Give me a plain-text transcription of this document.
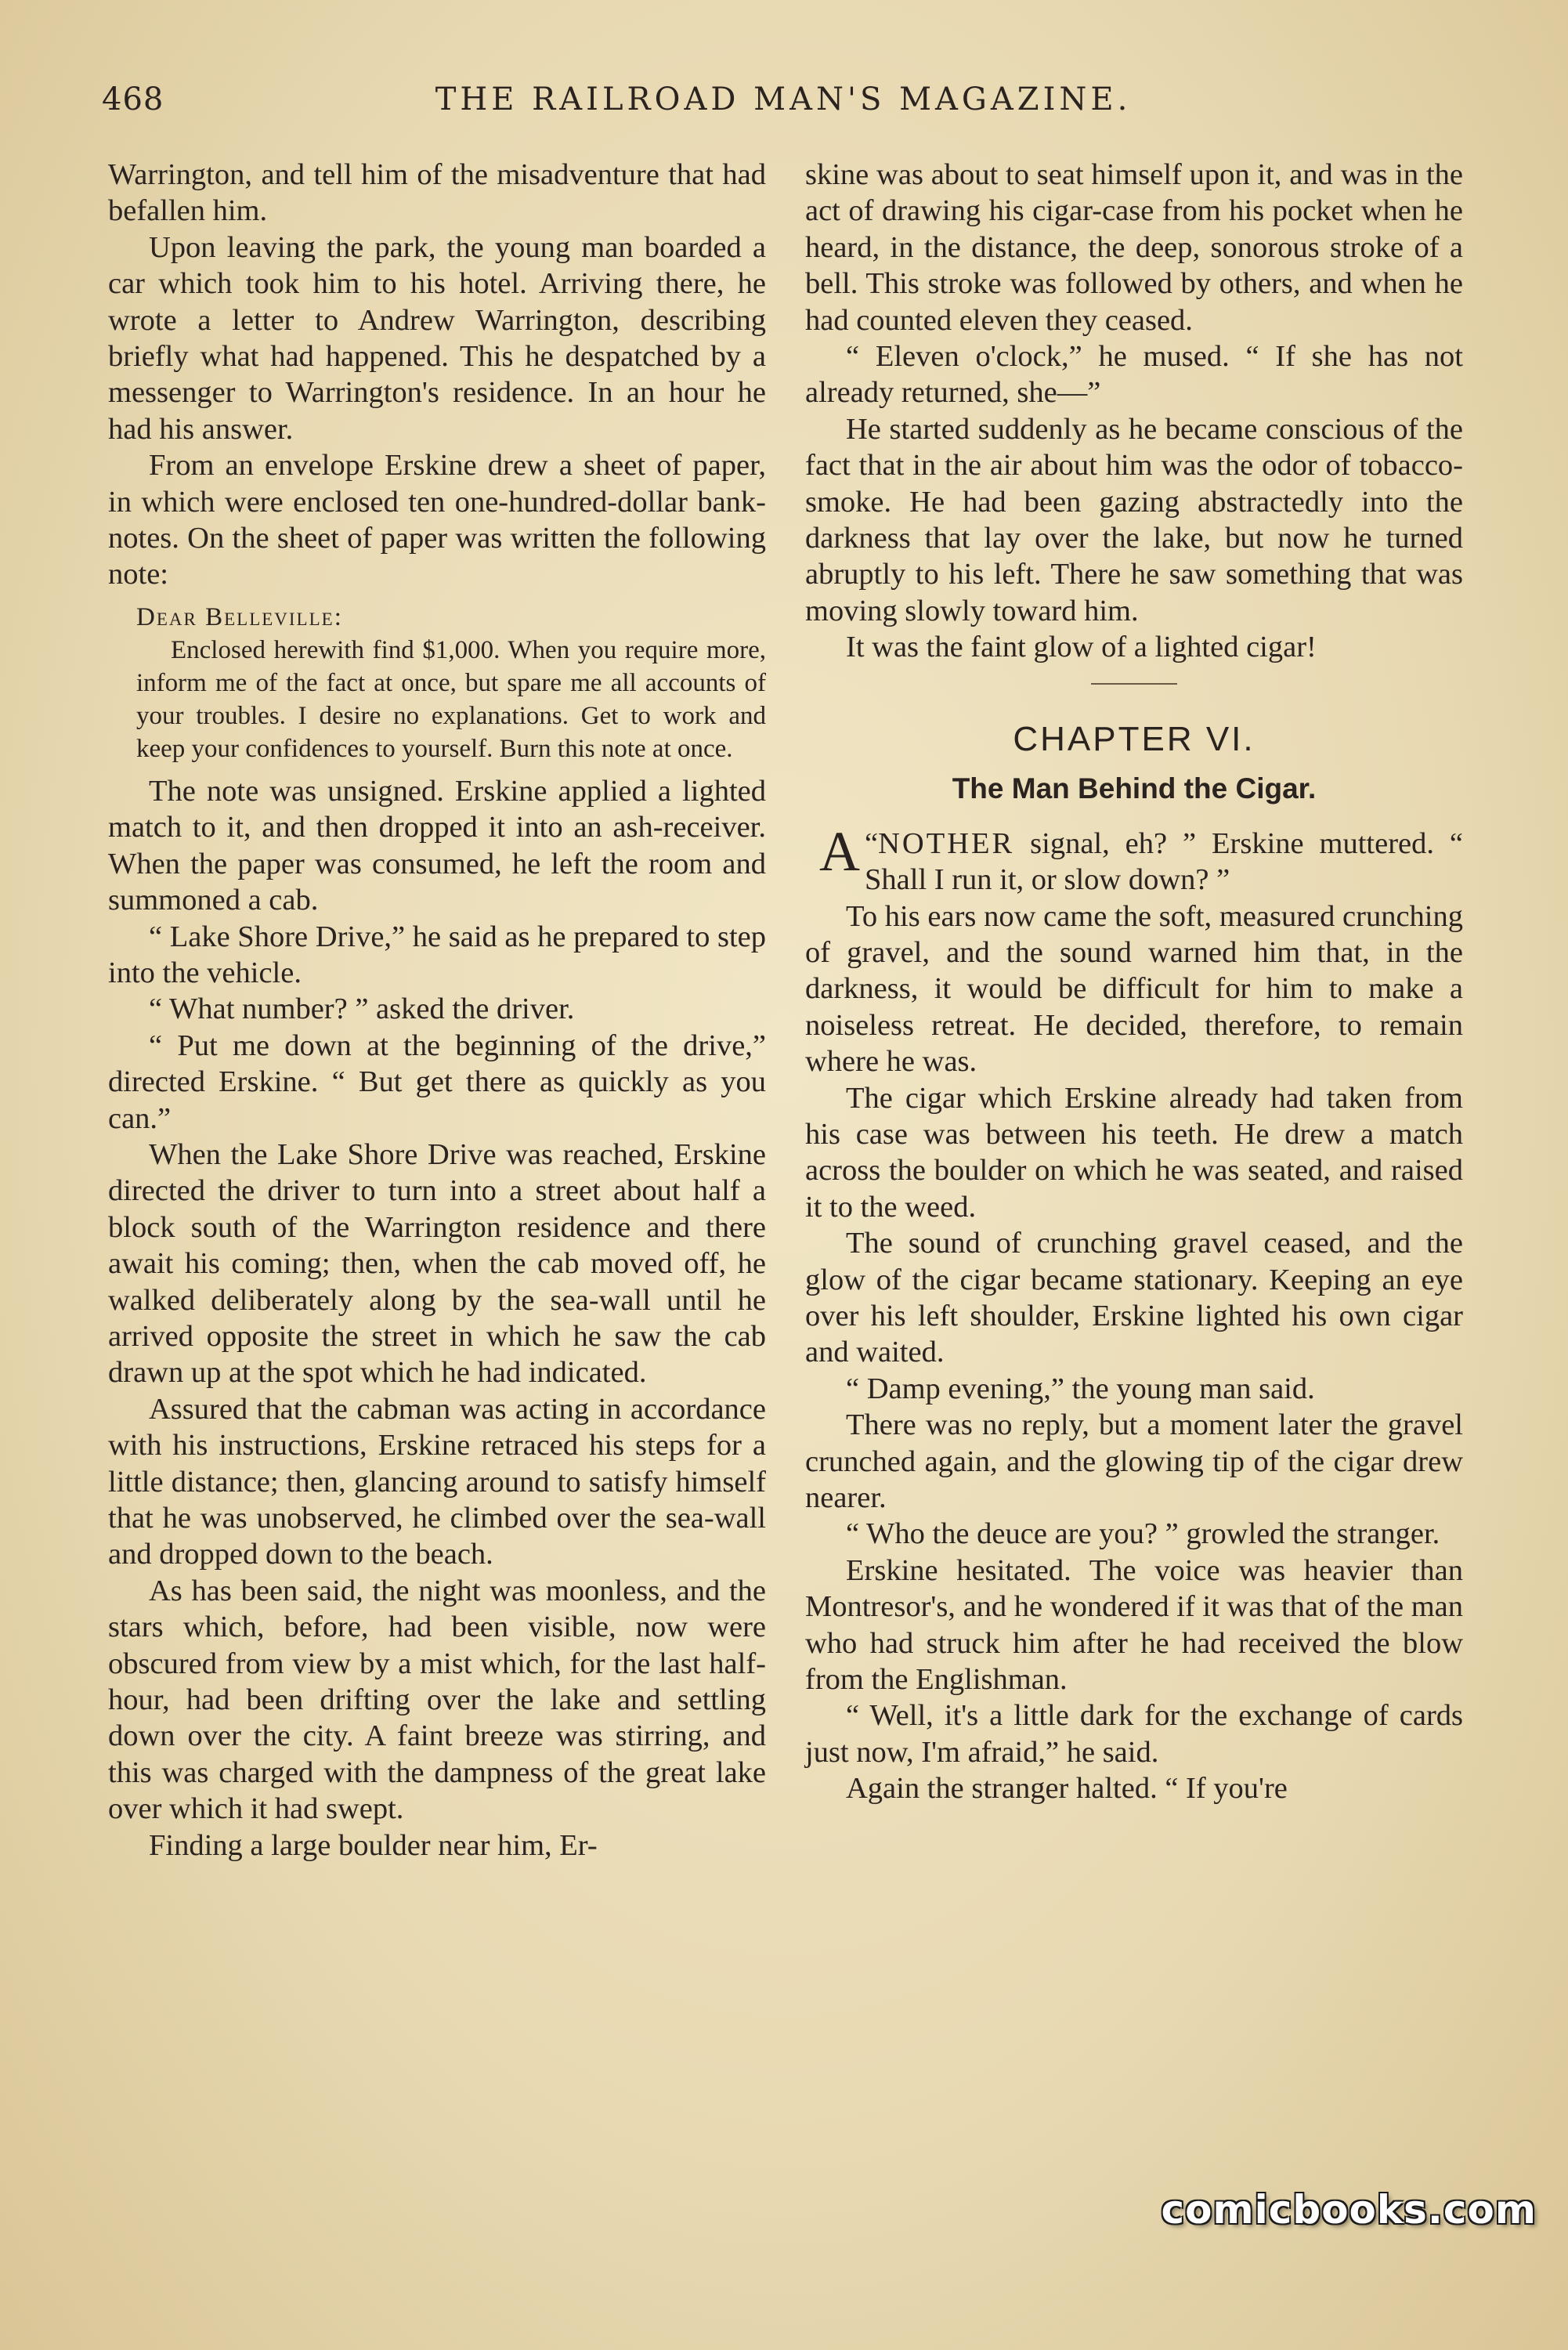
468	THE RAILROAD MAN'S MAGAZINE.

Warrington, and tell him of the misadventure that had befallen him.

Upon leaving the park, the young man boarded a car which took him to his hotel. Arriving there, he wrote a letter to Andrew Warrington, describing briefly what had happened. This he despatched by a messenger to Warrington's residence. In an hour he had his answer.

From an envelope Erskine drew a sheet of paper, in which were enclosed ten one-hundred-dollar bank-notes. On the sheet of paper was written the following note:

Dear Belleville:

Enclosed herewith find $1,000. When you require more, inform me of the fact at once, but spare me all accounts of your troubles. I desire no explanations. Get to work and keep your confidences to yourself. Burn this note at once.

The note was unsigned. Erskine applied a lighted match to it, and then dropped it into an ash-receiver. When the paper was consumed, he left the room and summoned a cab.

“ Lake Shore Drive,” he said as he prepared to step into the vehicle.

“ What number? ” asked the driver.

“ Put me down at the beginning of the drive,” directed Erskine. “ But get there as quickly as you can.”

When the Lake Shore Drive was reached, Erskine directed the driver to turn into a street about half a block south of the Warrington residence and there await his coming; then, when the cab moved off, he walked deliberately along by the sea-wall until he arrived opposite the street in which he saw the cab drawn up at the spot which he had indicated.

Assured that the cabman was acting in accordance with his instructions, Erskine retraced his steps for a little distance; then, glancing around to satisfy himself that he was unobserved, he climbed over the sea-wall and dropped down to the beach.

As has been said, the night was moonless, and the stars which, before, had been visible, now were obscured from view by a mist which, for the last half-hour, had been drifting over the lake and settling down over the city. A faint breeze was stirring, and this was charged with the dampness of the great lake over which it had swept.

Finding a large boulder near him, Er-

skine was about to seat himself upon it, and was in the act of drawing his cigar-case from his pocket when he heard, in the distance, the deep, sonorous stroke of a bell. This stroke was followed by others, and when he had counted eleven they ceased.

“ Eleven o'clock,” he mused. “ If she has not already returned, she—”

He started suddenly as he became conscious of the fact that in the air about him was the odor of tobacco-smoke. He had been gazing abstractedly into the darkness that lay over the lake, but now he turned abruptly to his left. There he saw something that was moving slowly toward him.

It was the faint glow of a lighted cigar!

CHAPTER VI.
The Man Behind the Cigar.

“
A NOTHER signal, eh? ” Erskine muttered. “ Shall I run it, or slow down? ”

To his ears now came the soft, measured crunching of gravel, and the sound warned him that, in the darkness, it would be difficult for him to make a noiseless retreat. He decided, therefore, to remain where he was.

The cigar which Erskine already had taken from his case was between his teeth. He drew a match across the boulder on which he was seated, and raised it to the weed.

The sound of crunching gravel ceased, and the glow of the cigar became stationary. Keeping an eye over his left shoulder, Erskine lighted his own cigar and waited.

“ Damp evening,” the young man said.

There was no reply, but a moment later the gravel crunched again, and the glowing tip of the cigar drew nearer.

“ Who the deuce are you? ” growled the stranger.

Erskine hesitated. The voice was heavier than Montresor's, and he wondered if it was that of the man who had struck him after he had received the blow from the Englishman.

“ Well, it's a little dark for the exchange of cards just now, I'm afraid,” he said.

Again the stranger halted. “ If you're

comicbooks.com
